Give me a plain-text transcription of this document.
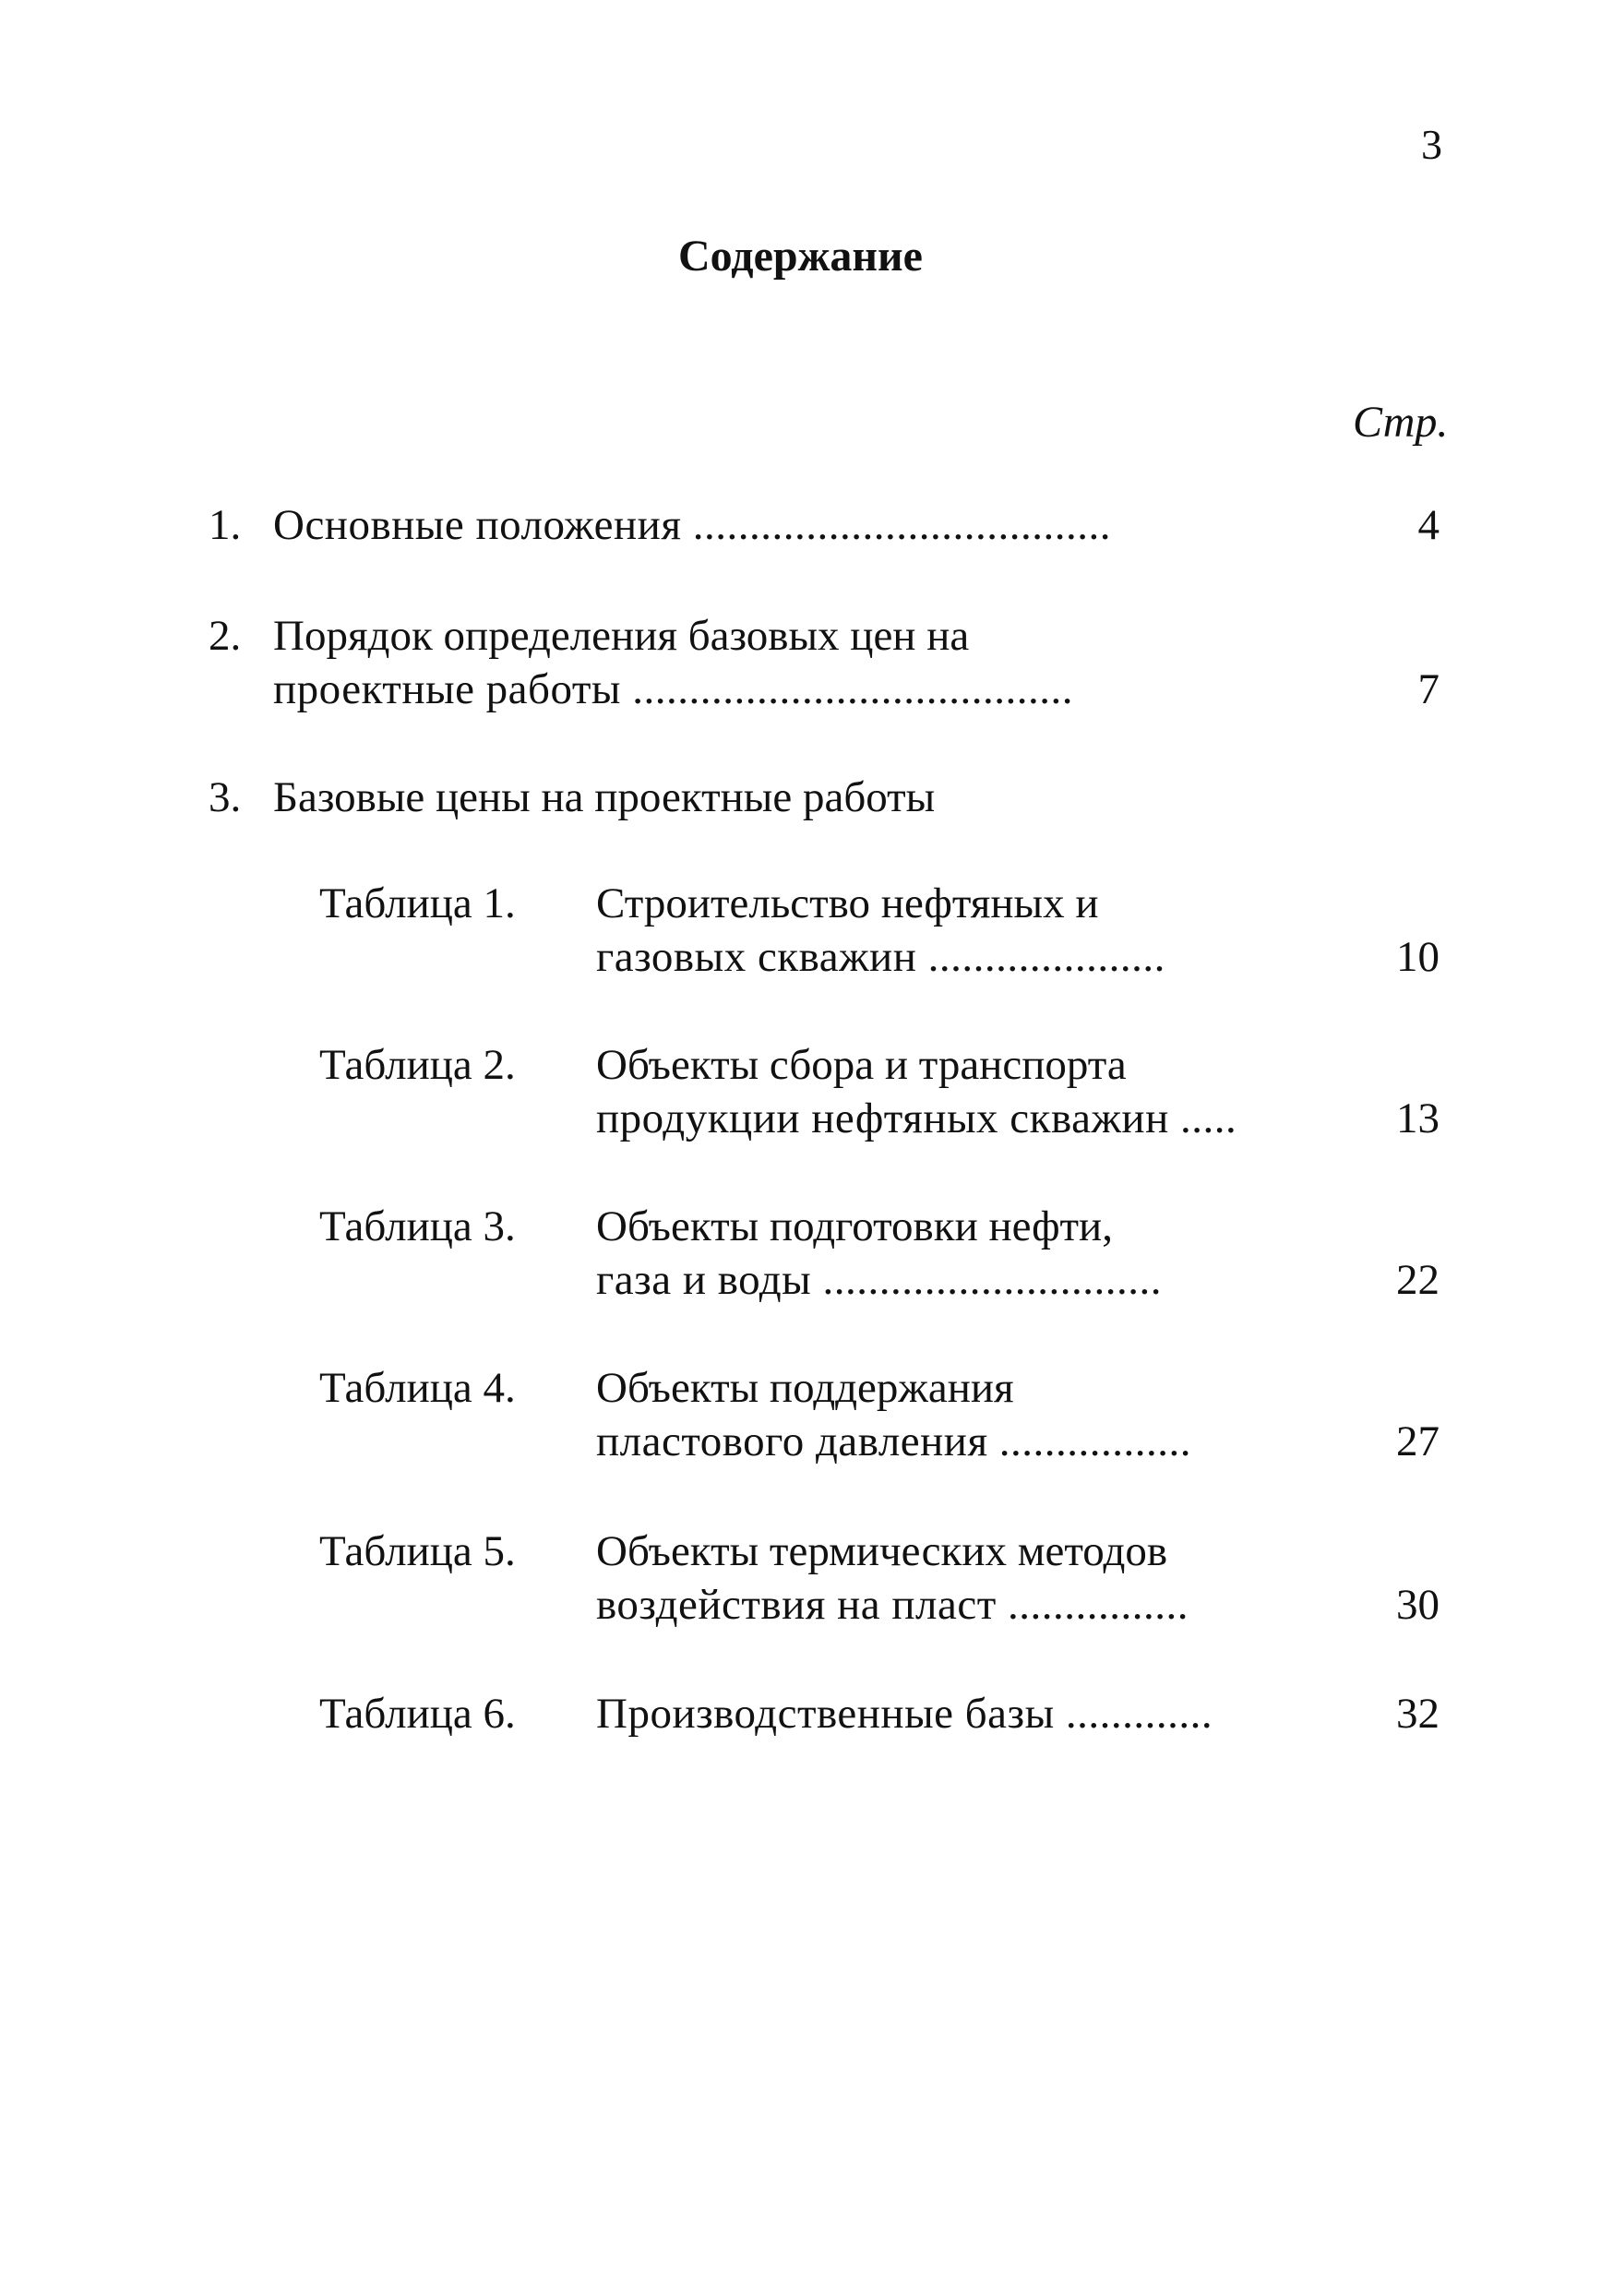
3
Содержание
Стр.
1. Основные положения .....................................	4
2. Порядок определения базовых цен на
проектные работы .......................................	7
3. Базовые цены на проектные работы
Таблица 1. Строительство нефтяных и
газовых скважин .....................	10
Таблица 2. Объекты сбора и транспорта
продукции нефтяных скважин .....	13
Таблица 3. Объекты подготовки нефти,
газа и воды ..............................	22
Таблица 4. Объекты поддержания
пластового давления .................	27
Таблица 5. Объекты термических методов
воздействия на пласт ................	30
Таблица 6. Производственные базы .............	32
